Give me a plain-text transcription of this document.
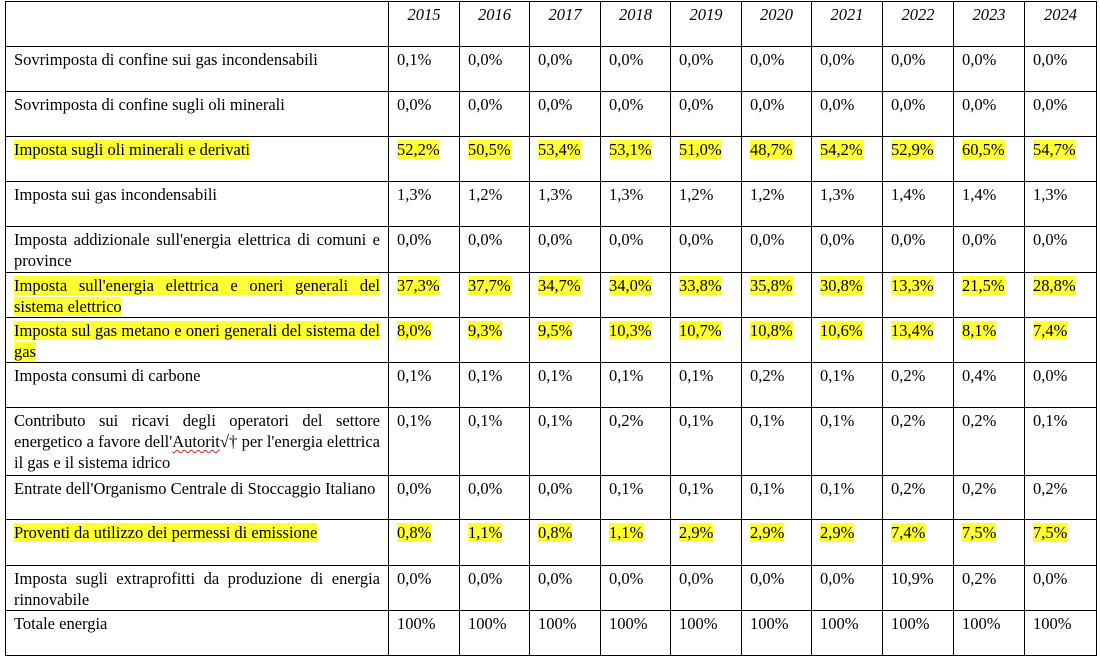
	2015	2016	2017	2018	2019	2020	2021	2022	2023	2024
Sovrimposta di confine sui gas incondensabili	0,1%	0,0%	0,0%	0,0%	0,0%	0,0%	0,0%	0,0%	0,0%	0,0%
Sovrimposta di confine sugli oli minerali	0,0%	0,0%	0,0%	0,0%	0,0%	0,0%	0,0%	0,0%	0,0%	0,0%
Imposta sugli oli minerali e derivati	52,2%	50,5%	53,4%	53,1%	51,0%	48,7%	54,2%	52,9%	60,5%	54,7%
Imposta sui gas incondensabili	1,3%	1,2%	1,3%	1,3%	1,2%	1,2%	1,3%	1,4%	1,4%	1,3%
Imposta addizionale sull'energia elettrica di comuni e province	0,0%	0,0%	0,0%	0,0%	0,0%	0,0%	0,0%	0,0%	0,0%	0,0%
Imposta sull'energia elettrica e oneri generali del sistema elettrico	37,3%	37,7%	34,7%	34,0%	33,8%	35,8%	30,8%	13,3%	21,5%	28,8%
Imposta sul gas metano e oneri generali del sistema del gas	8,0%	9,3%	9,5%	10,3%	10,7%	10,8%	10,6%	13,4%	8,1%	7,4%
Imposta consumi di carbone	0,1%	0,1%	0,1%	0,1%	0,1%	0,2%	0,1%	0,2%	0,4%	0,0%
Contributo sui ricavi degli operatori del settore energetico a favore dell'Autorit√† per l'energia elettrica il gas e il sistema idrico	0,1%	0,1%	0,1%	0,2%	0,1%	0,1%	0,1%	0,2%	0,2%	0,1%
Entrate dell'Organismo Centrale di Stoccaggio Italiano	0,0%	0,0%	0,0%	0,1%	0,1%	0,1%	0,1%	0,2%	0,2%	0,2%
Proventi da utilizzo dei permessi di emissione	0,8%	1,1%	0,8%	1,1%	2,9%	2,9%	2,9%	7,4%	7,5%	7,5%
Imposta sugli extraprofitti da produzione di energia rinnovabile	0,0%	0,0%	0,0%	0,0%	0,0%	0,0%	0,0%	10,9%	0,2%	0,0%
Totale energia	100%	100%	100%	100%	100%	100%	100%	100%	100%	100%
